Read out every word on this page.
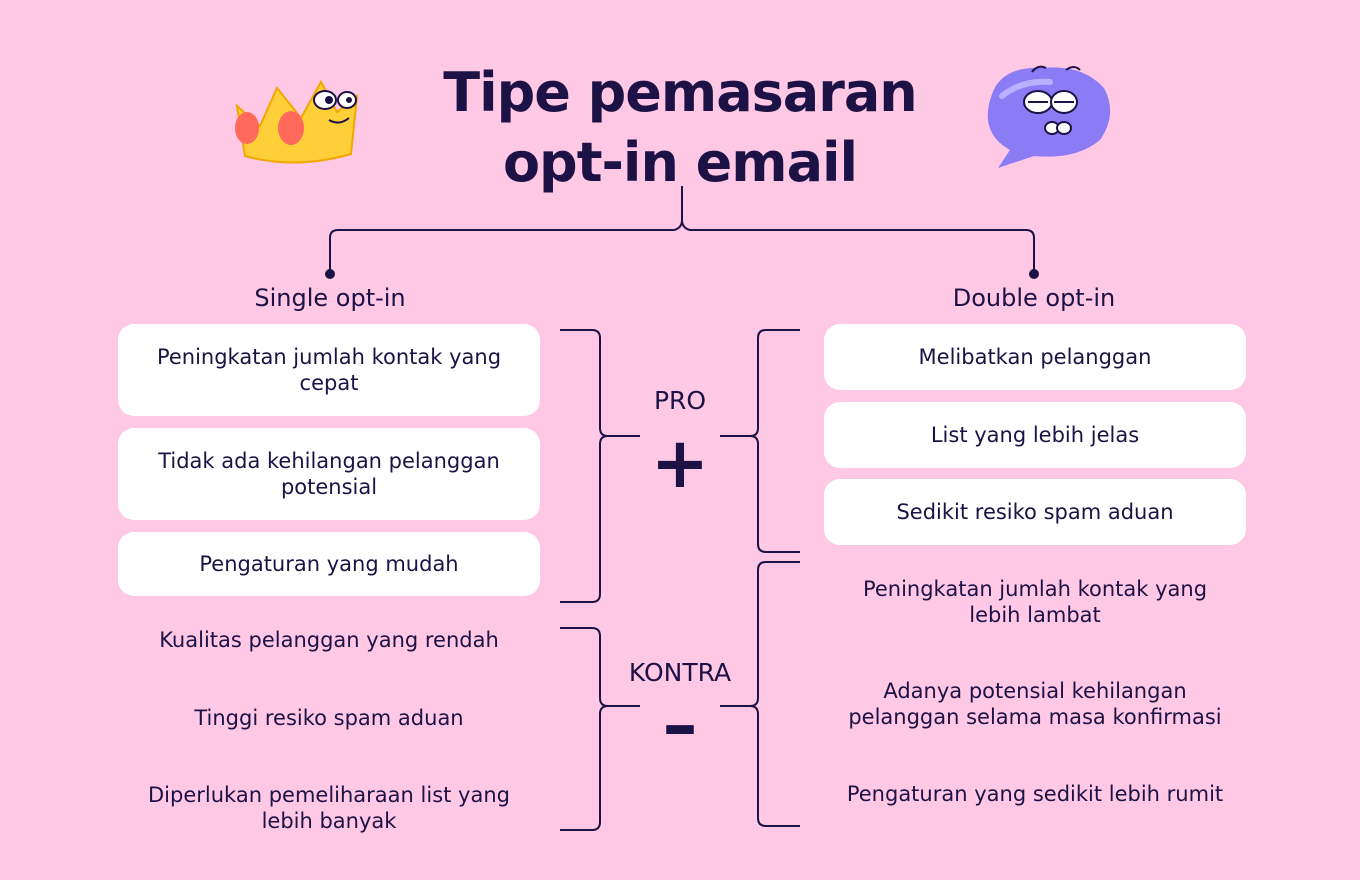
Tipe pemasaran
opt-in email
Single opt-in	Double opt-in
Peningkatan jumlah kontak yang cepat
Tidak ada kehilangan pelanggan potensial
Pengaturan yang mudah
Kualitas pelanggan yang rendah
Tinggi resiko spam aduan
Diperlukan pemeliharaan list yang lebih banyak
Melibatkan pelanggan
List yang lebih jelas
Sedikit resiko spam aduan
Peningkatan jumlah kontak yang lebih lambat
Adanya potensial kehilangan pelanggan selama masa konfirmasi
Pengaturan yang sedikit lebih rumit
PRO
+
KONTRA
–
